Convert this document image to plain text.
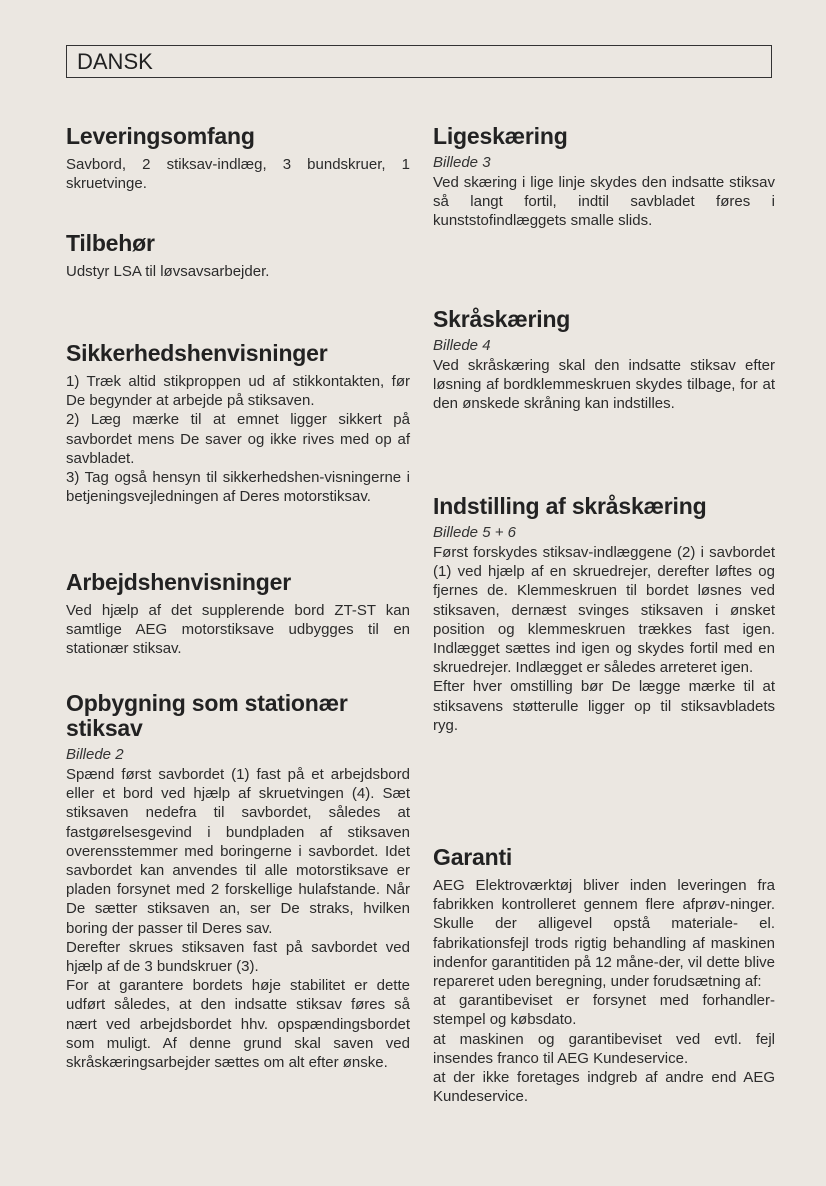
DANSK
Leveringsomfang

Savbord, 2 stiksav-indlæg, 3 bundskruer, 1 skruetvinge.

Tilbehør

Udstyr LSA til løvsavsarbejder.

Sikkerhedshenvisninger

1) Træk altid stikproppen ud af stikkontakten, før De begynder at arbejde på stiksaven.

2) Læg mærke til at emnet ligger sikkert på savbordet mens De saver og ikke rives med op af savbladet.

3) Tag også hensyn til sikkerhedshen-visningerne i betjeningsvejledningen af Deres motorstiksav.

Arbejdshenvisninger

Ved hjælp af det supplerende bord ZT-ST kan samtlige AEG motorstiksave udbygges til en stationær stiksav.

Opbygning som stationær stiksav
Billede 2

Spænd først savbordet (1) fast på et arbejdsbord eller et bord ved hjælp af skruetvingen (4). Sæt stiksaven nedefra til savbordet, således at fastgørelsesgevind i bundpladen af stiksaven overensstemmer med boringerne i savbordet. Idet savbordet kan anvendes til alle motorstiksave er pladen forsynet med 2 forskellige hulafstande. Når De sætter stiksaven an, ser De straks, hvilken boring der passer til Deres sav.

Derefter skrues stiksaven fast på savbordet ved hjælp af de 3 bundskruer (3).

For at garantere bordets høje stabilitet er dette udført således, at den indsatte stiksav føres så nært ved arbejdsbordet hhv. opspændingsbordet som muligt. Af denne grund skal saven ved skråskæringsarbejder sættes om alt efter ønske.

Ligeskæring
Billede 3

Ved skæring i lige linje skydes den indsatte stiksav så langt fortil, indtil savbladet føres i kunststofindlæggets smalle slids.

Skråskæring
Billede 4

Ved skråskæring skal den indsatte stiksav efter løsning af bordklemmeskruen skydes tilbage, for at den ønskede skråning kan indstilles.

Indstilling af skråskæring
Billede 5 + 6

Først forskydes stiksav-indlæggene (2) i savbordet (1) ved hjælp af en skruedrejer, derefter løftes og fjernes de. Klemmeskruen til bordet løsnes ved stiksaven, dernæst svinges stiksaven i ønsket position og klemmeskruen trækkes fast igen. Indlægget sættes ind igen og skydes fortil med en skruedrejer. Indlægget er således arreteret igen.

Efter hver omstilling bør De lægge mærke til at stiksavens støtterulle ligger op til stiksavbladets ryg.

Garanti

AEG Elektroværktøj bliver inden leveringen fra fabrikken kontrolleret gennem flere afprøv-ninger. Skulle der alligevel opstå materiale- el. fabrikationsfejl trods rigtig behandling af maskinen indenfor garantitiden på 12 måne-der, vil dette blive repareret uden beregning, under forudsætning af:

at garantibeviset er forsynet med forhandler-stempel og købsdato.

at maskinen og garantibeviset ved evtl. fejl insendes franco til AEG Kundeservice.

at der ikke foretages indgreb af andre end AEG Kundeservice.
